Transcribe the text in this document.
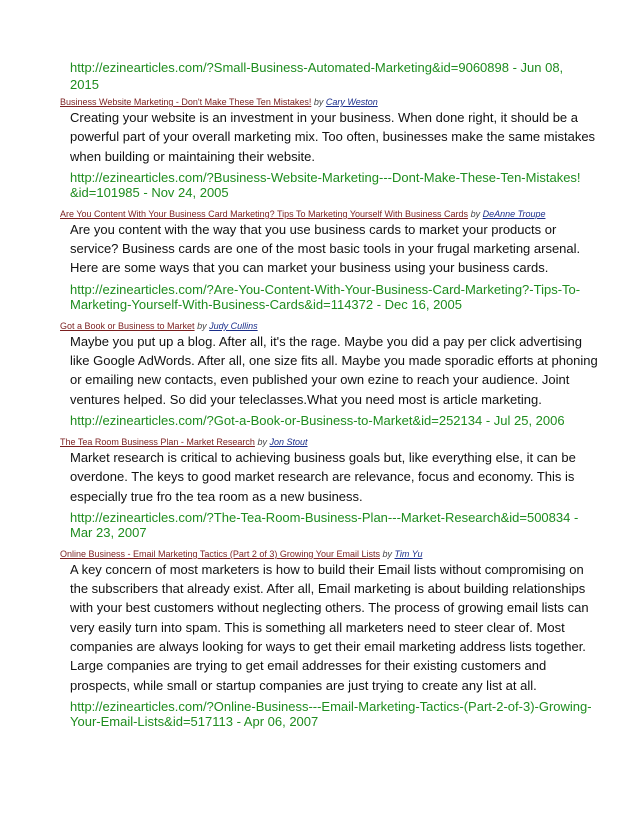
http://ezinearticles.com/?Small-Business-Automated-Marketing&id=9060898 - Jun 08, 2015
Business Website Marketing - Don't Make These Ten Mistakes! by Cary Weston
Creating your website is an investment in your business. When done right, it should be a
powerful part of your overall marketing mix. Too often, businesses make the same mistakes
when building or maintaining their website.
http://ezinearticles.com/?Business-Website-Marketing---Dont-Make-These-Ten-Mistakes!
&id=101985 - Nov 24, 2005
Are You Content With Your Business Card Marketing? Tips To Marketing Yourself With Business Cards by DeAnne Troupe
Are you content with the way that you use business cards to market your products or
service? Business cards are one of the most basic tools in your frugal marketing arsenal.
Here are some ways that you can market your business using your business cards.
http://ezinearticles.com/?Are-You-Content-With-Your-Business-Card-Marketing?-Tips-To-
Marketing-Yourself-With-Business-Cards&id=114372 - Dec 16, 2005
Got a Book or Business to Market by Judy Cullins
Maybe you put up a blog. After all, it's the rage. Maybe you did a pay per click advertising
like Google AdWords. After all, one size fits all. Maybe you made sporadic efforts at phoning
or emailing new contacts, even published your own ezine to reach your audience. Joint
ventures helped. So did your teleclasses.What you need most is article marketing.
http://ezinearticles.com/?Got-a-Book-or-Business-to-Market&id=252134 - Jul 25, 2006
The Tea Room Business Plan - Market Research by Jon Stout
Market research is critical to achieving business goals but, like everything else, it can be
overdone. The keys to good market research are relevance, focus and economy. This is
especially true fro the tea room as a new business.
http://ezinearticles.com/?The-Tea-Room-Business-Plan---Market-Research&id=500834 -
Mar 23, 2007
Online Business - Email Marketing Tactics (Part 2 of 3) Growing Your Email Lists by Tim Yu
A key concern of most marketers is how to build their Email lists without compromising on
the subscribers that already exist. After all, Email marketing is about building relationships
with your best customers without neglecting others. The process of growing email lists can
very easily turn into spam. This is something all marketers need to steer clear of. Most
companies are always looking for ways to get their email marketing address lists together.
Large companies are trying to get email addresses for their existing customers and
prospects, while small or startup companies are just trying to create any list at all.
http://ezinearticles.com/?Online-Business---Email-Marketing-Tactics-(Part-2-of-3)-Growing-
Your-Email-Lists&id=517113 - Apr 06, 2007
